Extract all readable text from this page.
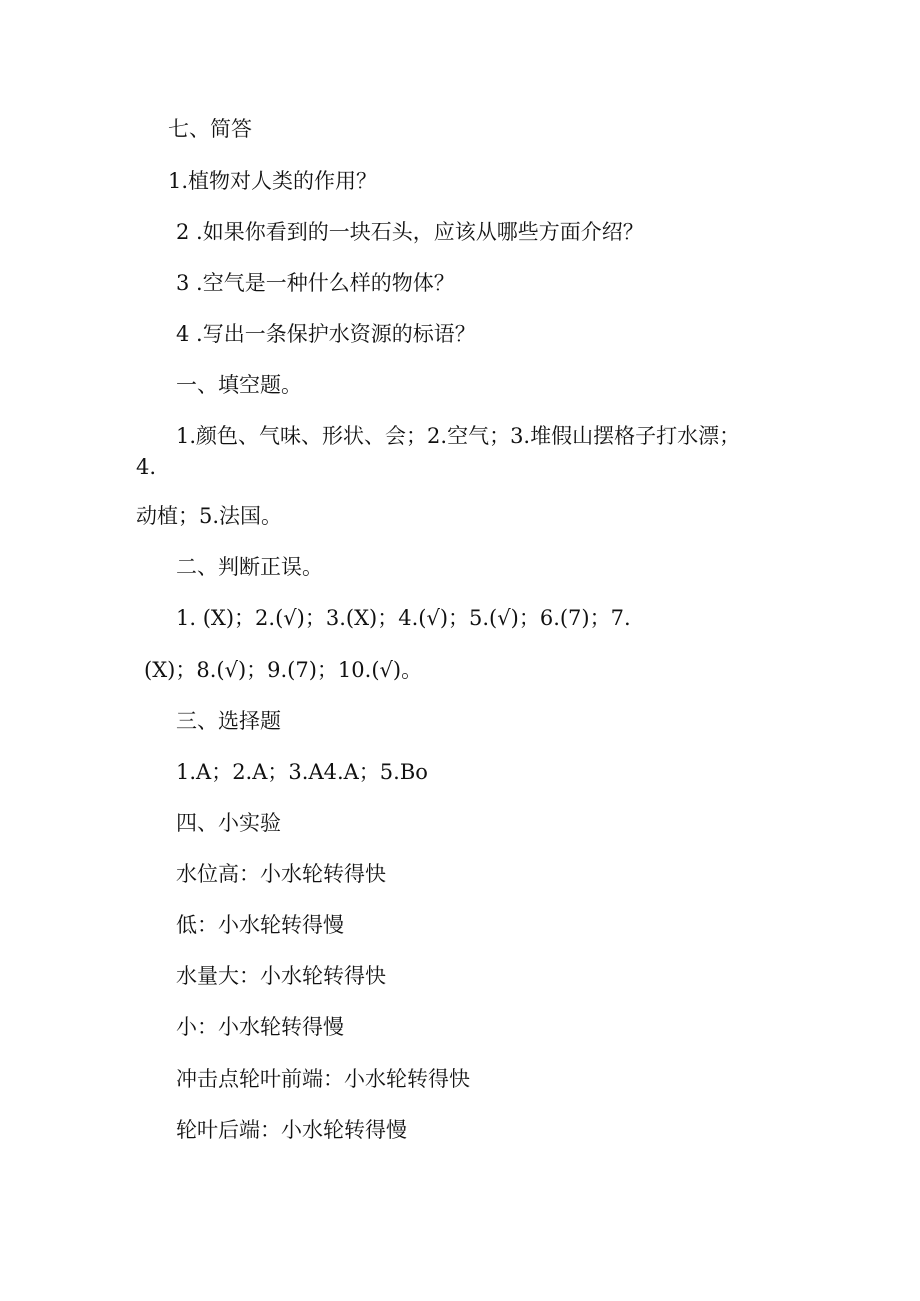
七、简答
1.植物对人类的作用？
2 .如果你看到的一块石头，应该从哪些方面介绍？
3 .空气是一种什么样的物体？
4 .写出一条保护水资源的标语？
一、填空题。
1.颜色、气味、形状、会；2.空气；3.堆假山摆格子打水漂；
4.
动植；5.法国。
二、判断正误。
1. (X)；2.(√)；3.(X)；4.(√)；5.(√)；6.(7)；7.
(X)；8.(√)；9.(7)；10.(√)。
三、选择题
1.A；2.A；3.A4.A；5.Bo
四、小实验
水位高：小水轮转得快
低：小水轮转得慢
水量大：小水轮转得快
小：小水轮转得慢
冲击点轮叶前端：小水轮转得快
轮叶后端：小水轮转得慢
